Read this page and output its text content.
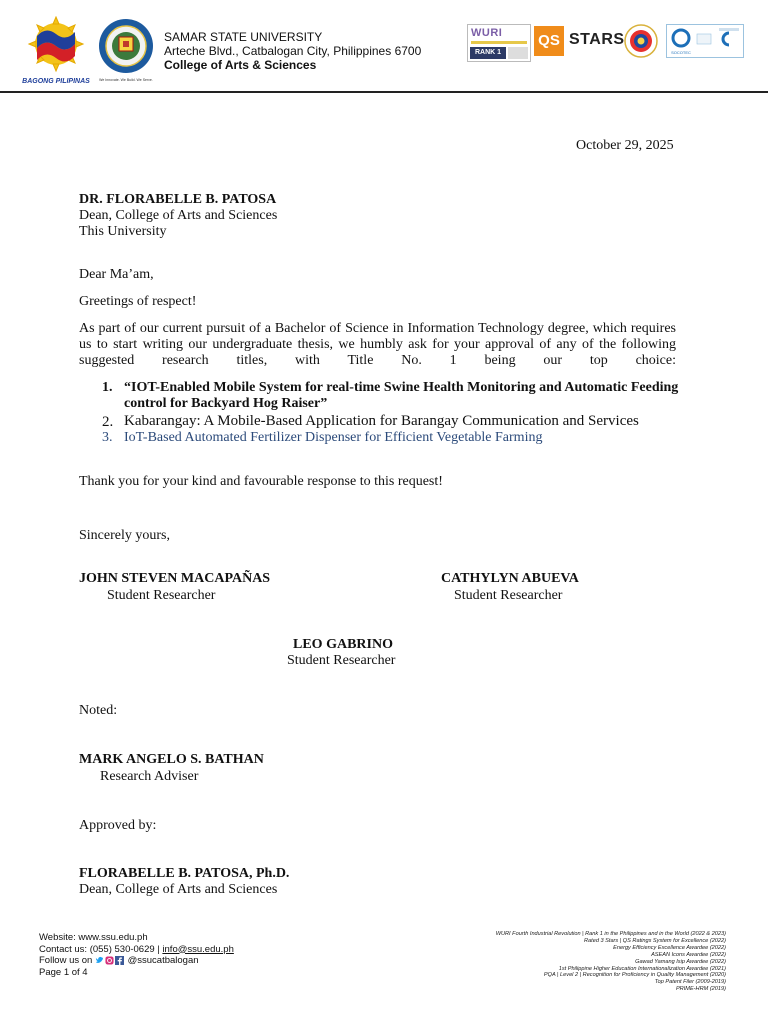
BAGONG PILIPINAS	We Innovate. We Build. We Serve.
SAMAR STATE UNIVERSITY
Arteche Blvd., Catbalogan City, Philippines 6700
College of Arts & Sciences
WURI
RANK 1
QS STARS
SOCOTEC
October 29, 2025
DR. FLORABELLE B. PATOSA
Dean, College of Arts and Sciences
This University
Dear Ma’am,
Greetings of respect!
As part of our current pursuit of a Bachelor of Science in Information Technology degree, which requires us to start writing our undergraduate thesis, we humbly ask for your approval of any of the following suggested research titles, with Title No. 1 being our top choice:
1. “IOT-Enabled Mobile System for real-time Swine Health Monitoring and Automatic Feeding
control for Backyard Hog Raiser”
2. Kabarangay: A Mobile-Based Application for Barangay Communication and Services
3. IoT-Based Automated Fertilizer Dispenser for Efficient Vegetable Farming
Thank you for your kind and favourable response to this request!
Sincerely yours,
JOHN STEVEN MACAPAÑAS
Student Researcher
CATHYLYN ABUEVA
Student Researcher
LEO GABRINO
Student Researcher
Noted:
MARK ANGELO S. BATHAN
Research Adviser
Approved by:
FLORABELLE B. PATOSA, Ph.D.
Dean, College of Arts and Sciences
Website: www.ssu.edu.ph
Contact us: (055) 530-0629 | info@ssu.edu.ph
Follow us on	@ssucatbalogan
Page 1 of 4
WURI Fourth Industrial Revolution | Rank 1 in the Philippines and in the World (2022 & 2023)
Rated 3 Stars | QS Ratings System for Excellence (2022)
Energy Efficiency Excellence Awardee (2022)
ASEAN Icons Awardee (2022)
Gawad Yamang Isip Awardee (2022)
1st Philippine Higher Education Internationalization Awardee (2021)
PQA | Level 2 | Recognition for Proficiency in Quality Management (2020)
Top Patent Filer (2009-2019)
PRIME-HRM (2019)
